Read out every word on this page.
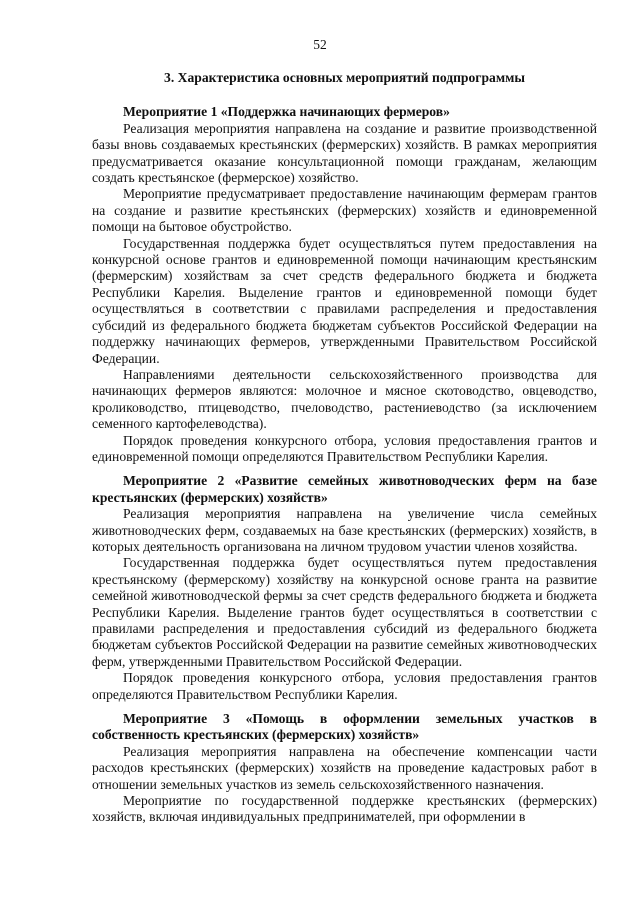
52

3. Характеристика основных мероприятий подпрограммы

Мероприятие 1 «Поддержка начинающих фермеров»

Реализация мероприятия направлена на создание и развитие производственной базы вновь создаваемых крестьянских (фермерских) хозяйств. В рамках мероприятия предусматривается оказание консультационной помощи гражданам, желающим создать крестьянское (фермерское) хозяйство.

Мероприятие предусматривает предоставление начинающим фермерам грантов на создание и развитие крестьянских (фермерских) хозяйств и единовременной помощи на бытовое обустройство.

Государственная поддержка будет осуществляться путем предоставления на конкурсной основе грантов и единовременной помощи начинающим крестьянским (фермерским) хозяйствам за счет средств федерального бюджета и бюджета Республики Карелия. Выделение грантов и единовременной помощи будет осуществляться в соответствии с правилами распределения и предоставления субсидий из федерального бюджета бюджетам субъектов Российской Федерации на поддержку начинающих фермеров, утвержденными Правительством Российской Федерации.

Направлениями деятельности сельскохозяйственного производства для начинающих фермеров являются: молочное и мясное скотоводство, овцеводство, кролиководство, птицеводство, пчеловодство, растениеводство (за исключением семенного картофелеводства).

Порядок проведения конкурсного отбора, условия предоставления грантов и единовременной помощи определяются Правительством Республики Карелия.

Мероприятие 2 «Развитие семейных животноводческих ферм на базе крестьянских (фермерских) хозяйств»

Реализация мероприятия направлена на увеличение числа семейных животноводческих ферм, создаваемых на базе крестьянских (фермерских) хозяйств, в которых деятельность организована на личном трудовом участии членов хозяйства.

Государственная поддержка будет осуществляться путем предоставления крестьянскому (фермерскому) хозяйству на конкурсной основе гранта на развитие семейной животноводческой фермы за счет средств федерального бюджета и бюджета Республики Карелия. Выделение грантов будет осуществляться в соответствии с правилами распределения и предоставления субсидий из федерального бюджета бюджетам субъектов Российской Федерации на развитие семейных животноводческих ферм, утвержденными Правительством Российской Федерации.

Порядок проведения конкурсного отбора, условия предоставления грантов определяются Правительством Республики Карелия.

Мероприятие 3 «Помощь в оформлении земельных участков в собственность крестьянских (фермерских) хозяйств»

Реализация мероприятия направлена на обеспечение компенсации части расходов крестьянских (фермерских) хозяйств на проведение кадастровых работ в отношении земельных участков из земель сельскохозяйственного назначения.

Мероприятие по государственной поддержке крестьянских (фермерских) хозяйств, включая индивидуальных предпринимателей, при оформлении в
